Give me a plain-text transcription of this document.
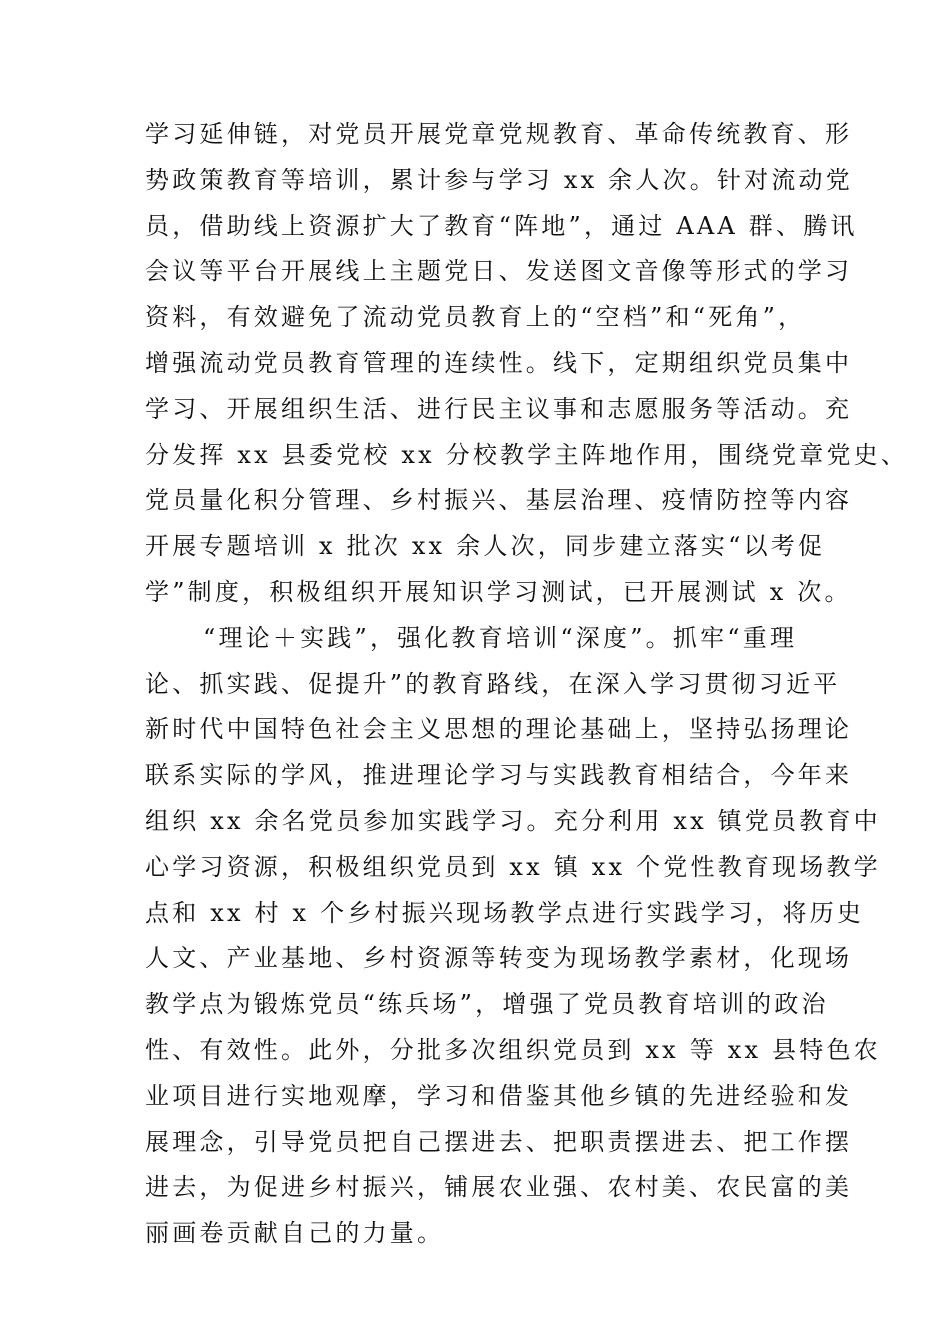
学习延伸链，对党员开展党章党规教育、革命传统教育、形
势政策教育等培训，累计参与学习 xx 余人次。针对流动党
员，借助线上资源扩大了教育“阵地”，通过 AAA 群、腾讯
会议等平台开展线上主题党日、发送图文音像等形式的学习
资料，有效避免了流动党员教育上的“空档”和“死角”，
增强流动党员教育管理的连续性。线下，定期组织党员集中
学习、开展组织生活、进行民主议事和志愿服务等活动。充
分发挥 xx 县委党校 xx 分校教学主阵地作用，围绕党章党史、
党员量化积分管理、乡村振兴、基层治理、疫情防控等内容
开展专题培训 x 批次 xx 余人次，同步建立落实“以考促
学”制度，积极组织开展知识学习测试，已开展测试 x 次。
“理论＋实践”，强化教育培训“深度”。抓牢“重理
论、抓实践、促提升”的教育路线，在深入学习贯彻习近平
新时代中国特色社会主义思想的理论基础上，坚持弘扬理论
联系实际的学风，推进理论学习与实践教育相结合，今年来
组织 xx 余名党员参加实践学习。充分利用 xx 镇党员教育中
心学习资源，积极组织党员到 xx 镇 xx 个党性教育现场教学
点和 xx 村 x 个乡村振兴现场教学点进行实践学习，将历史
人文、产业基地、乡村资源等转变为现场教学素材，化现场
教学点为锻炼党员“练兵场”，增强了党员教育培训的政治
性、有效性。此外，分批多次组织党员到 xx 等 xx 县特色农
业项目进行实地观摩，学习和借鉴其他乡镇的先进经验和发
展理念，引导党员把自己摆进去、把职责摆进去、把工作摆
进去，为促进乡村振兴，铺展农业强、农村美、农民富的美
丽画卷贡献自己的力量。
